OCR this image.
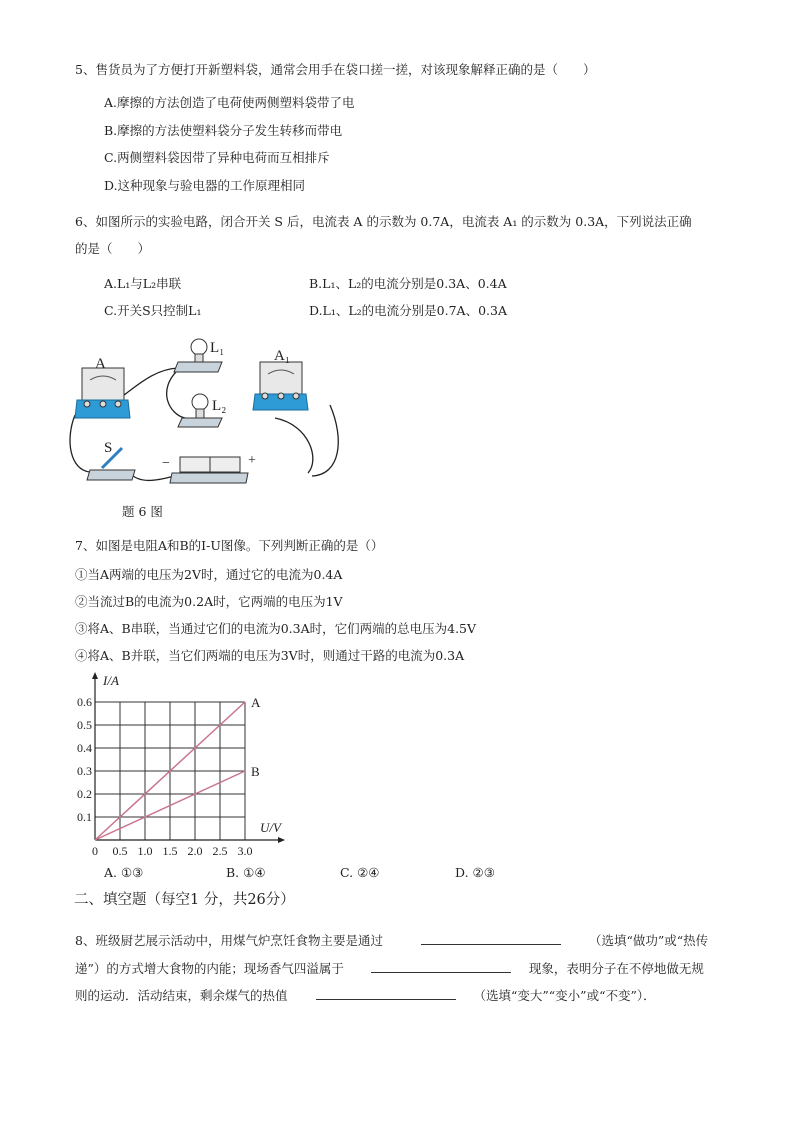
5、售货员为了方便打开新塑料袋，通常会用手在袋口搓一搓，对该现象解释正确的是（　　）
A.摩擦的方法创造了电荷使两侧塑料袋带了电
B.摩擦的方法使塑料袋分子发生转移而带电
C.两侧塑料袋因带了异种电荷而互相排斥
D.这种现象与验电器的工作原理相同
6、如图所示的实验电路，闭合开关 S 后，电流表 A 的示数为 0.7A，电流表 A₁ 的示数为 0.3A，下列说法正确
的是（　　）
A.L₁与L₂串联	B.L₁、L₂的电流分别是0.3A、0.4A
C.开关S只控制L₁	D.L₁、L₂的电流分别是0.7A、0.3A
A	A₁
L₁
L₂
S
−	+
题 6 图
7、如图是电阻A和B的I-U图像。下列判断正确的是（）
①当A两端的电压为2V时，通过它的电流为0.4A
②当流过B的电流为0.2A时，它两端的电压为1V
③将A、B串联，当通过它们的电流为0.3A时，它们两端的总电压为4.5V
④将A、B并联，当它们两端的电压为3V时，则通过干路的电流为0.3A
0.1
0.2
0.3
0.4
0.5
0.6
0 0.5 1.0 1.5 2.0 2.5 3.0
I/A
U/V
A
B
A. ①③	B. ①④	C. ②④	D. ②③
二、填空题（每空1 分，共26分）
8、班级厨艺展示活动中，用煤气炉烹饪食物主要是通过	（选填“做功”或“热传
递”）的方式增大食物的内能；现场香气四溢属于	现象，表明分子在不停地做无规
则的运动．活动结束，剩余煤气的热值	（选填“变大”“变小”或“不变”）．
